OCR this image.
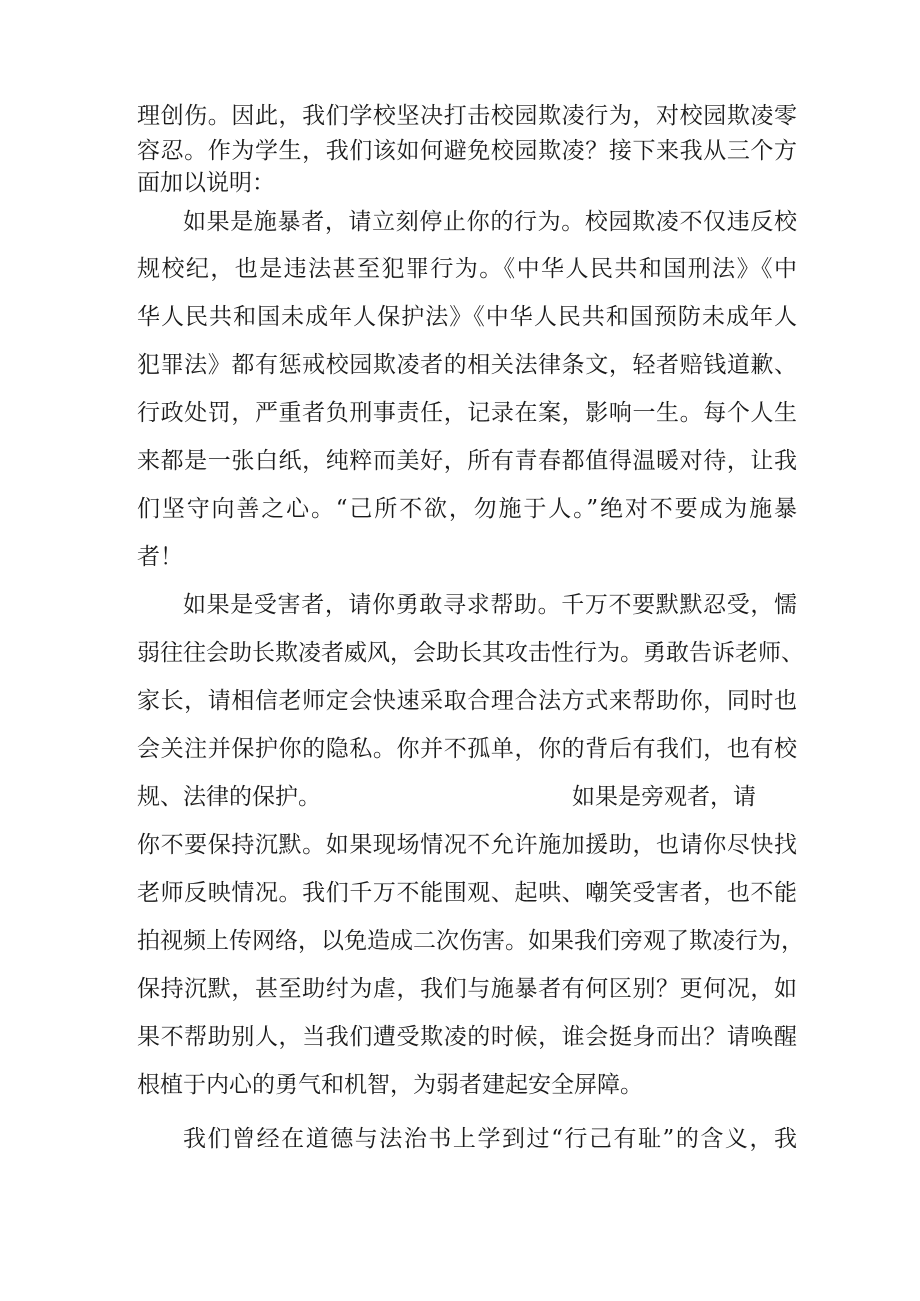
理创伤。因此，我们学校坚决打击校园欺凌行为，对校园欺凌零
容忍。作为学生，我们该如何避免校园欺凌？接下来我从三个方
面加以说明：
如果是施暴者，请立刻停止你的行为。校园欺凌不仅违反校
规校纪，也是违法甚至犯罪行为。《中华人民共和国刑法》《中
华人民共和国未成年人保护法》《中华人民共和国预防未成年人
犯罪法》都有惩戒校园欺凌者的相关法律条文，轻者赔钱道歉、
行政处罚，严重者负刑事责任，记录在案，影响一生。每个人生
来都是一张白纸，纯粹而美好，所有青春都值得温暖对待，让我
们坚守向善之心。“己所不欲，勿施于人。”绝对不要成为施暴
者！
如果是受害者，请你勇敢寻求帮助。千万不要默默忍受，懦
弱往往会助长欺凌者威风，会助长其攻击性行为。勇敢告诉老师、
家长，请相信老师定会快速采取合理合法方式来帮助你，同时也
会关注并保护你的隐私。你并不孤单，你的背后有我们，也有校
规、法律的保护。	如果是旁观者，请
你不要保持沉默。如果现场情况不允许施加援助，也请你尽快找
老师反映情况。我们千万不能围观、起哄、嘲笑受害者，也不能
拍视频上传网络，以免造成二次伤害。如果我们旁观了欺凌行为，
保持沉默，甚至助纣为虐，我们与施暴者有何区别？更何况，如
果不帮助别人，当我们遭受欺凌的时候，谁会挺身而出？请唤醒
根植于内心的勇气和机智，为弱者建起安全屏障。
我们曾经在道德与法治书上学到过“行己有耻”的含义，我
